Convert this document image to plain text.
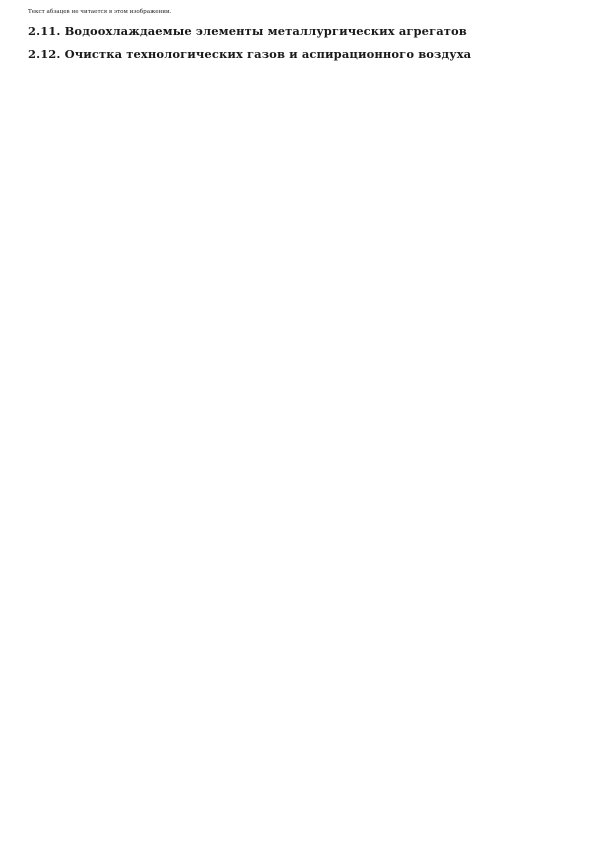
Текст абзацев не читается в этом изображении.

2.11. Водоохлаждаемые элементы металлургических агрегатов
2.12. Очистка технологических газов и аспирационного воздуха
